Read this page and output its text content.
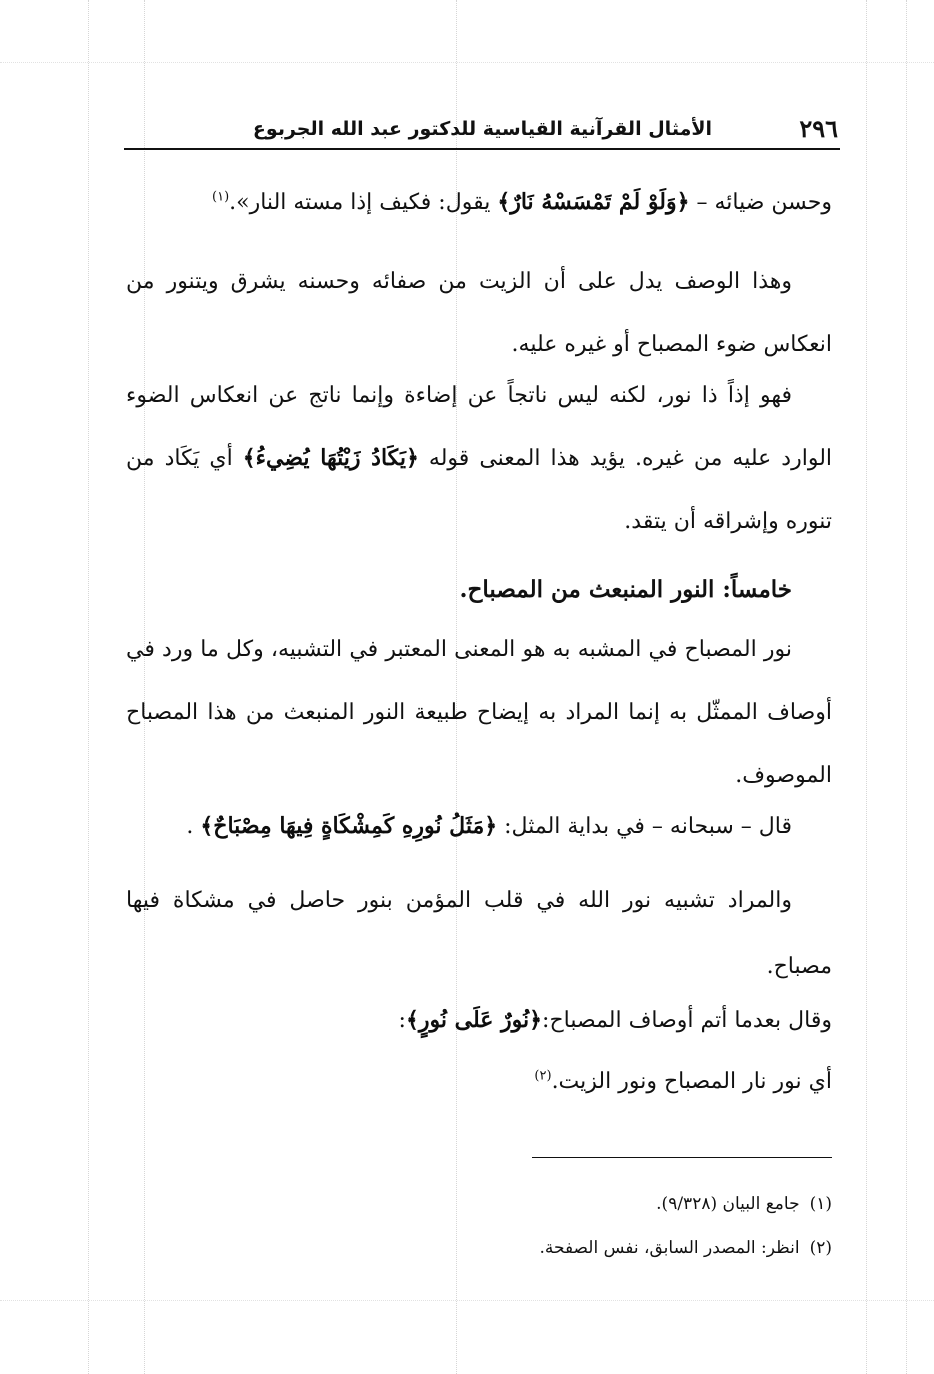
٢٩٦
الأمثال القرآنية القياسية للدكتور عبد الله الجربوع

وحسن ضيائه – ﴿وَلَوْ لَمْ تَمْسَسْهُ نَارٌ﴾ يقول: فكيف إذا مسته النار».$^{(١)}$

وهذا الوصف يدل على أن الزيت من صفائه وحسنه يشرق ويتنور من انعكاس ضوء المصباح أو غيره عليه.

فهو إذاً ذا نور، لكنه ليس ناتجاً عن إضاءة وإنما ناتج عن انعكاس الضوء الوارد عليه من غيره. يؤيد هذا المعنى قوله ﴿يَكَادُ زَيْتُهَا يُضِيءُ﴾ أي يَكَاد من تنوره وإشراقه أن يتقد.

خامساً: النور المنبعث من المصباح.

نور المصباح في المشبه به هو المعنى المعتبر في التشبيه، وكل ما ورد في أوصاف الممثّل به إنما المراد به إيضاح طبيعة النور المنبعث من هذا المصباح الموصوف.

قال – سبحانه – في بداية المثل: ﴿مَثَلُ نُورِهِ كَمِشْكَاةٍ فِيهَا مِصْبَاحٌ﴾ .

والمراد تشبيه نور الله في قلب المؤمن بنور حاصل في مشكاة فيها مصباح.

وقال بعدما أتم أوصاف المصباح:﴿نُورٌ عَلَى نُورٍ﴾:
أي نور نار المصباح ونور الزيت.$^{(٢)}$
(١)جامع البيان (٩/٣٢٨).
(٢)انظر: المصدر السابق، نفس الصفحة.
